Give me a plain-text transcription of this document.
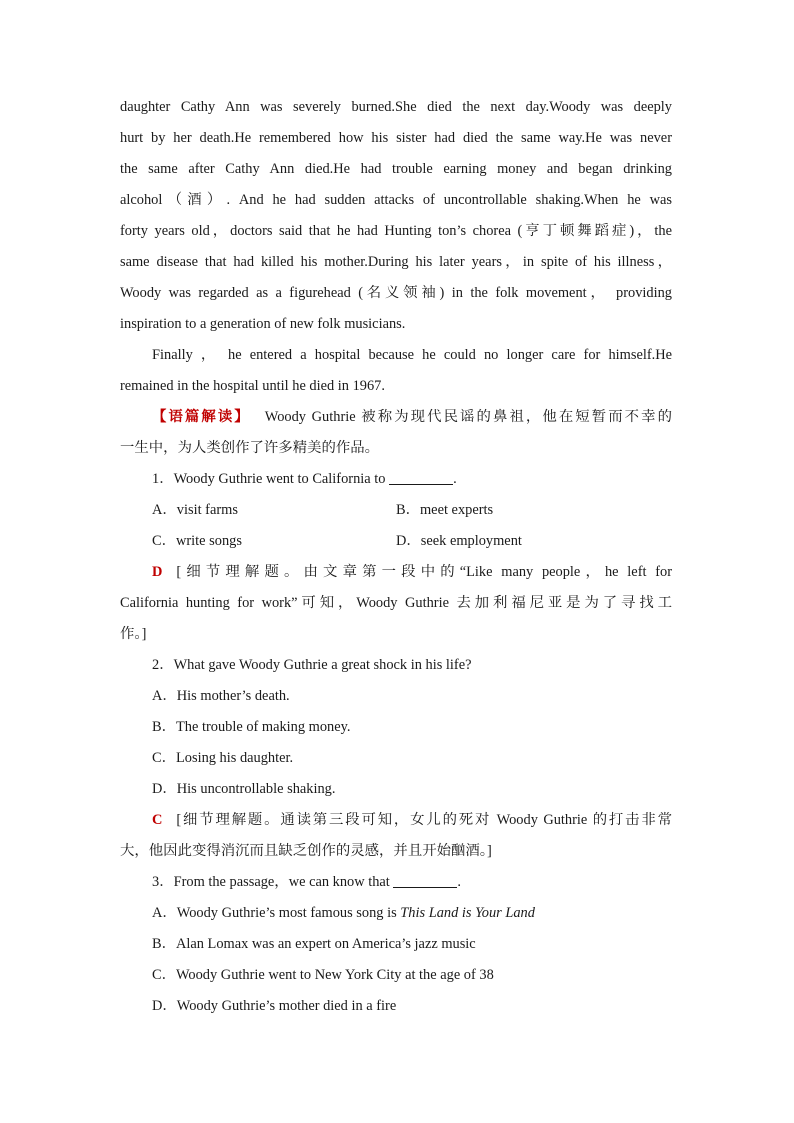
daughter Cathy Ann was severely burned.She died the next day.Woody was deeply
hurt by her death.He remembered how his sister had died the same way.He was never
the same after Cathy Ann died.He had trouble earning money and began drinking
alcohol（酒）. And he had sudden attacks of uncontrollable shaking.When he was
forty years old，doctors said that he had Hunting ton’s chorea (亨丁顿舞蹈症)，the
same disease that had killed his mother.During his later years，in spite of his illness，
Woody was regarded as a figurehead (名义领袖) in the folk movement， providing
inspiration to a generation of new folk musicians.
Finally ， he entered a hospital because he could no longer care for himself.He
remained in the hospital until he died in 1967.
【语篇解读】 Woody Guthrie 被称为现代民谣的鼻祖，他在短暂而不幸的
一生中，为人类创作了许多精美的作品。
1．Woody Guthrie went to California to	.
A．visit farms	B．meet experts
C．write songs	D．seek employment
D [细节理解题。由文章第一段中的“Like many people，he left for
California hunting for work”可知，Woody Guthrie 去加利福尼亚是为了寻找工
作。]
2．What gave Woody Guthrie a great shock in his life?
A．His mother’s death.
B．The trouble of making money.
C．Losing his daughter.
D．His uncontrollable shaking.
C [细节理解题。通读第三段可知，女儿的死对 Woody Guthrie 的打击非常
大，他因此变得消沉而且缺乏创作的灵感，并且开始酗酒。]
3．From the passage，we can know that	.
A．Woody Guthrie’s most famous song is This Land is Your Land
B．Alan Lomax was an expert on America’s jazz music
C．Woody Guthrie went to New York City at the age of 38
D．Woody Guthrie’s mother died in a fire
